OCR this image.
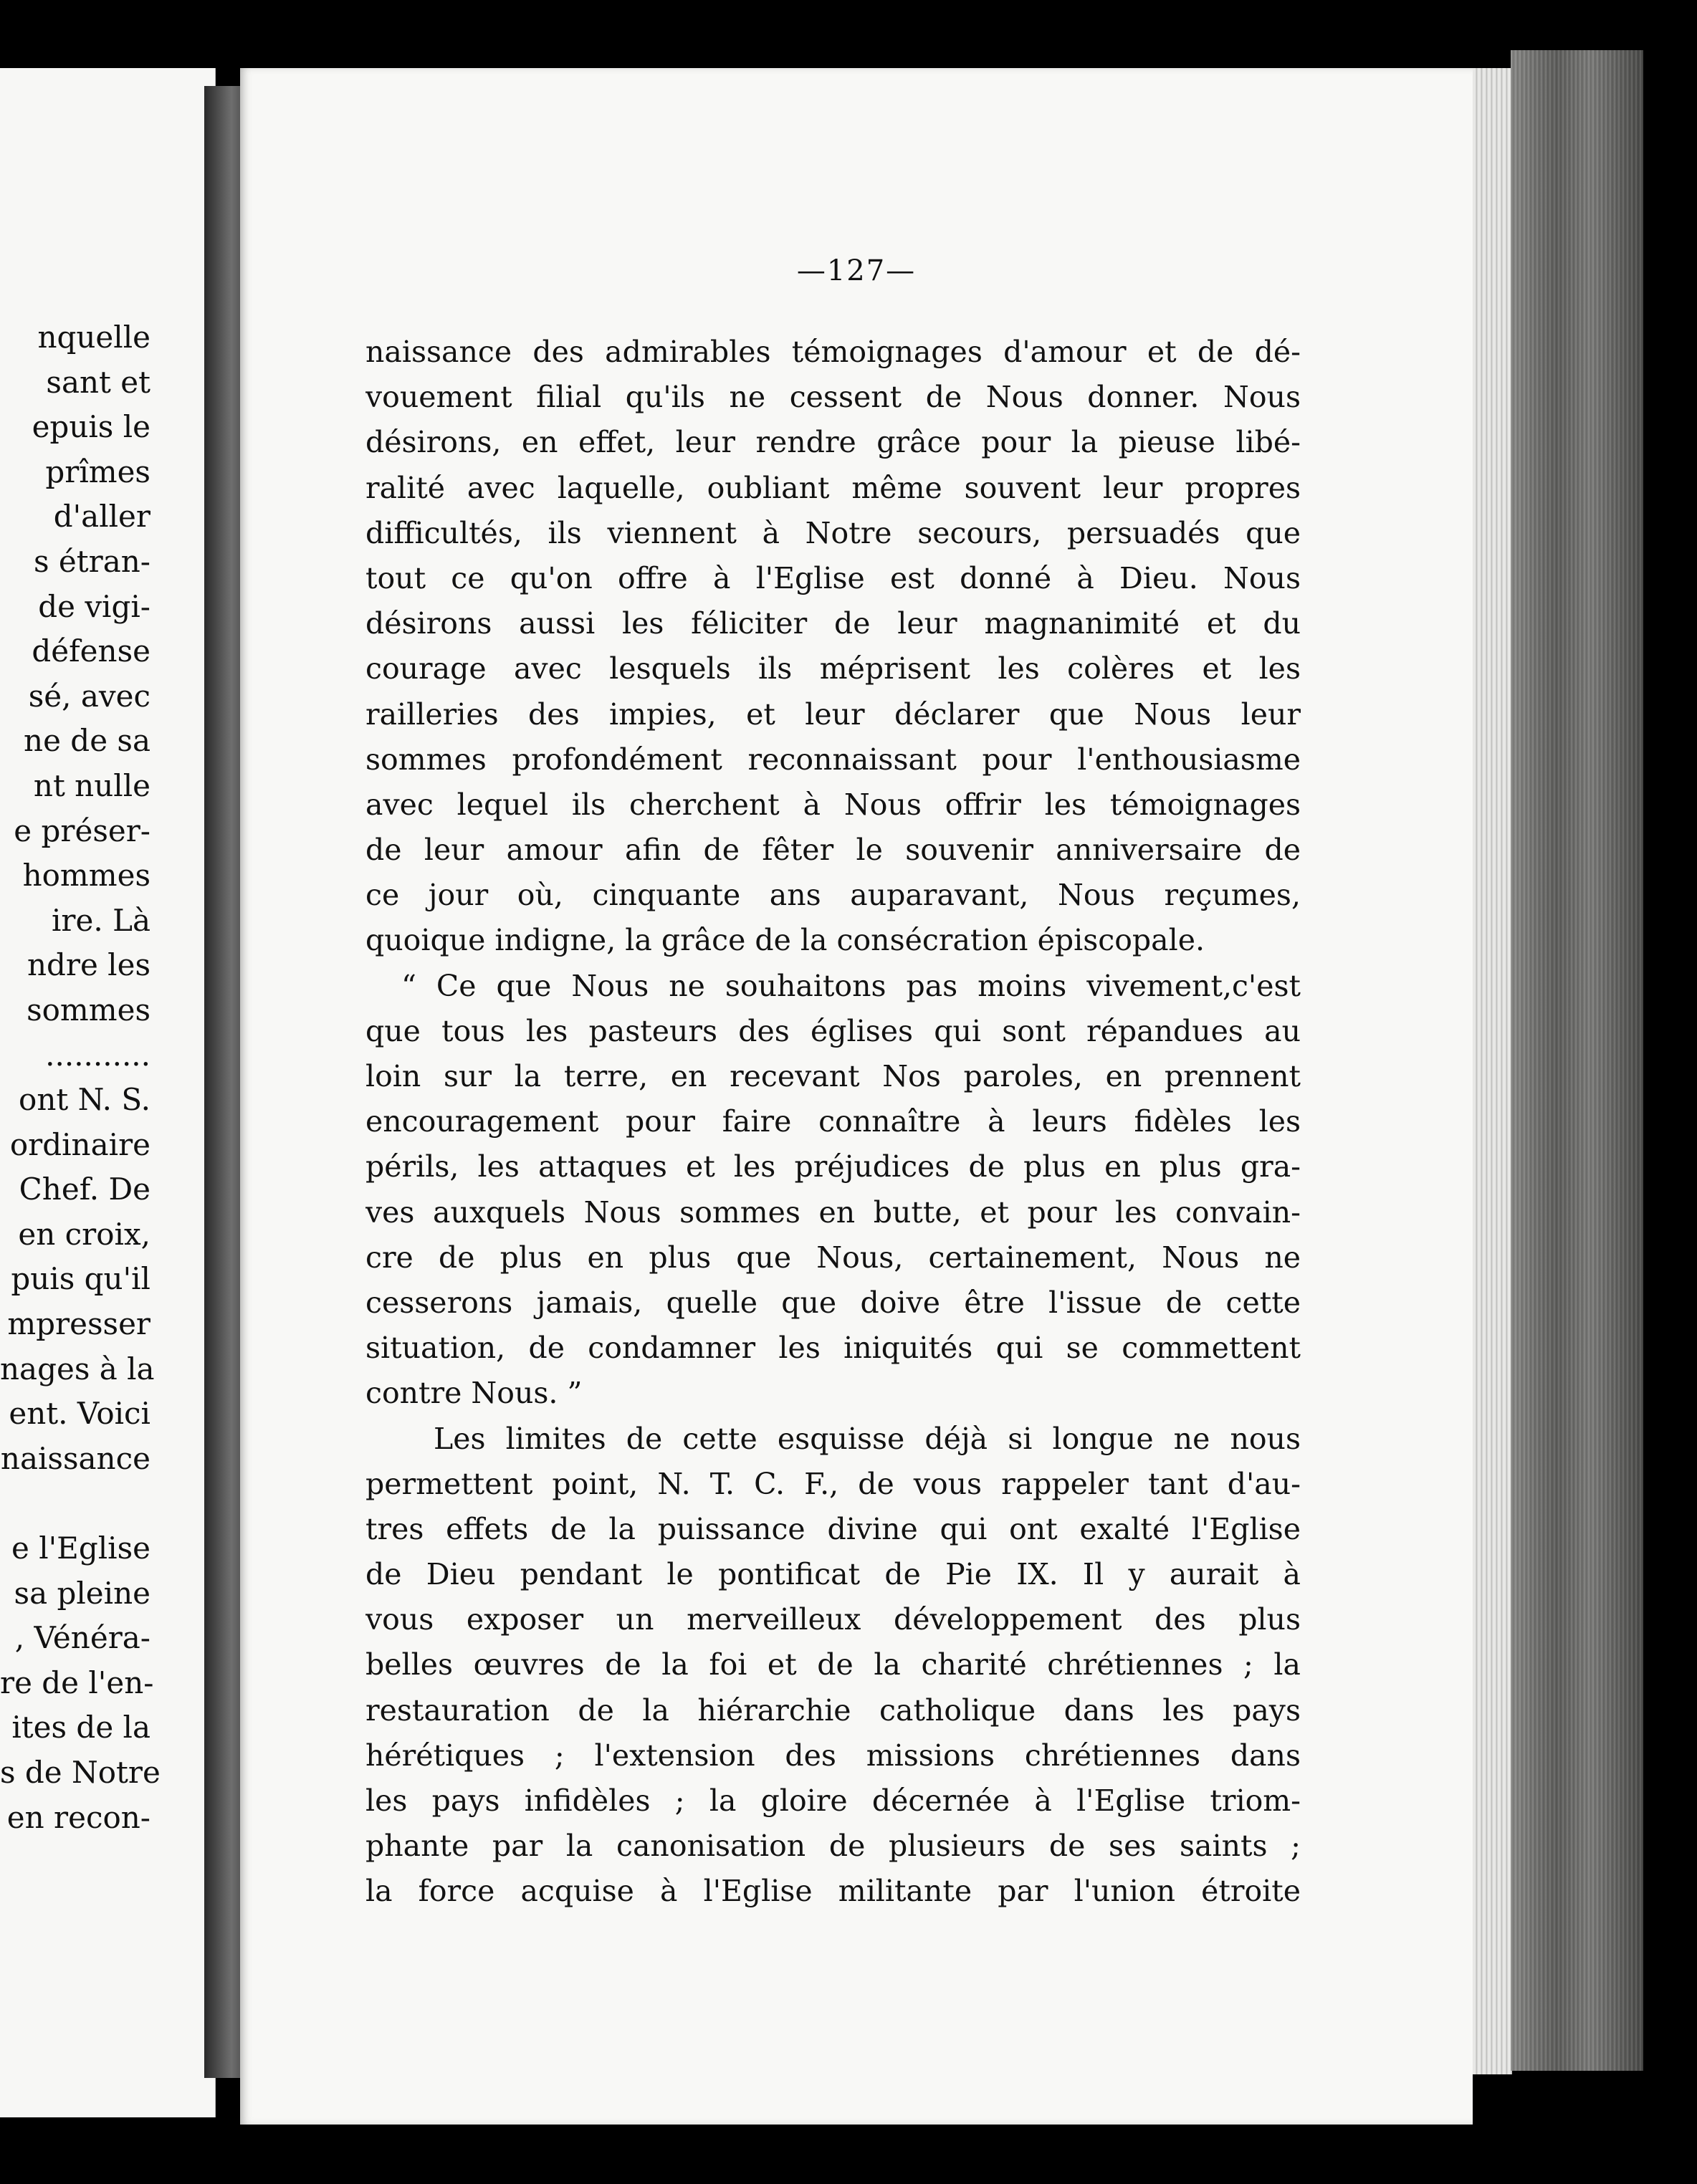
nquelle
sant et
epuis le
prîmes
d'aller
s étran-
de vigi-
défense
sé, avec
ne de sa
nt nulle
e préser-
hommes
ire. Là
ndre les
sommes
...........
ont N. S.
ordinaire
Chef. De
en croix,
puis qu'il
mpresser
nages à la
ent. Voici
naissance

e l'Eglise
sa pleine
, Vénéra-
re de l'en-
ites de la
s de Notre
en recon-
—127—
naissance des admirables témoignages d'amour et de dé-
vouement filial qu'ils ne cessent de Nous donner. Nous
désirons, en effet, leur rendre grâce pour la pieuse libé-
ralité avec laquelle, oubliant même souvent leur propres
difficultés, ils viennent à Notre secours, persuadés que
tout ce qu'on offre à l'Eglise est donné à Dieu. Nous
désirons aussi les féliciter de leur magnanimité et du
courage avec lesquels ils méprisent les colères et les
railleries des impies, et leur déclarer que Nous leur
sommes profondément reconnaissant pour l'enthousiasme
avec lequel ils cherchent à Nous offrir les témoignages
de leur amour afin de fêter le souvenir anniversaire de
ce jour où, cinquante ans auparavant, Nous reçumes,
quoique indigne, la grâce de la consécration épiscopale.
“ Ce que Nous ne souhaitons pas moins vivement,c'est
que tous les pasteurs des églises qui sont répandues au
loin sur la terre, en recevant Nos paroles, en prennent
encouragement pour faire connaître à leurs fidèles les
périls, les attaques et les préjudices de plus en plus gra-
ves auxquels Nous sommes en butte, et pour les convain-
cre de plus en plus que Nous, certainement, Nous ne
cesserons jamais, quelle que doive être l'issue de cette
situation, de condamner les iniquités qui se commettent
contre Nous. ”
Les limites de cette esquisse déjà si longue ne nous
permettent point, N. T. C. F., de vous rappeler tant d'au-
tres effets de la puissance divine qui ont exalté l'Eglise
de Dieu pendant le pontificat de Pie IX. Il y aurait à
vous exposer un merveilleux développement des plus
belles œuvres de la foi et de la charité chrétiennes ; la
restauration de la hiérarchie catholique dans les pays
hérétiques ; l'extension des missions chrétiennes dans
les pays infidèles ; la gloire décernée à l'Eglise triom-
phante par la canonisation de plusieurs de ses saints ;
la force acquise à l'Eglise militante par l'union étroite
